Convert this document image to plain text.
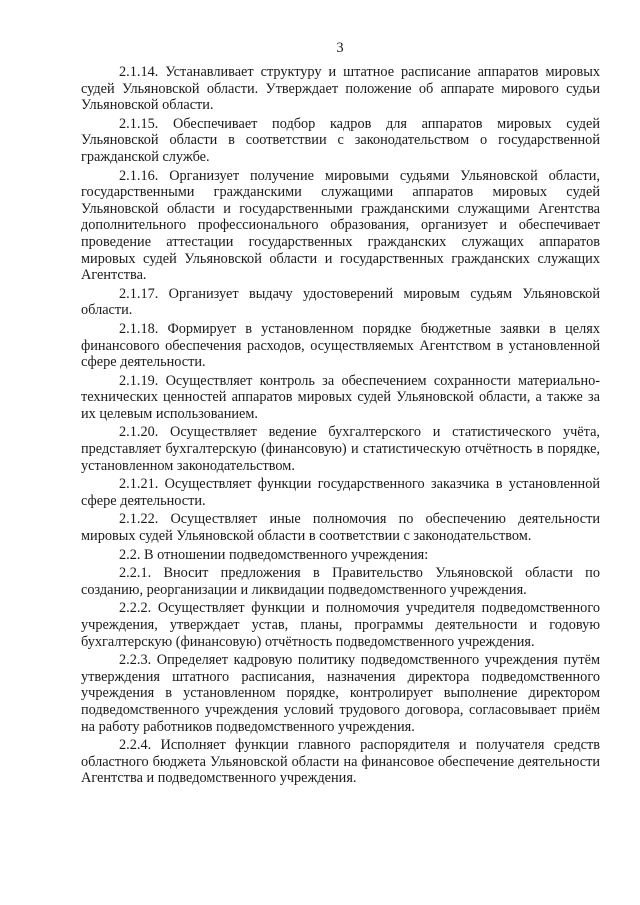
3

2.1.14. Устанавливает структуру и штатное расписание аппаратов мировых судей Ульяновской области. Утверждает положение об аппарате мирового судьи Ульяновской области.

2.1.15. Обеспечивает подбор кадров для аппаратов мировых судей Ульяновской области в соответствии с законодательством о государственной гражданской службе.

2.1.16. Организует получение мировыми судьями Ульяновской области, государственными гражданскими служащими аппаратов мировых судей Ульяновской области и государственными гражданскими служащими Агентства дополнительного профессионального образования, организует и обеспечивает проведение аттестации государственных гражданских служащих аппаратов мировых судей Ульяновской области и государственных гражданских служащих Агентства.

2.1.17. Организует выдачу удостоверений мировым судьям Ульяновской области.

2.1.18. Формирует в установленном порядке бюджетные заявки в целях финансового обеспечения расходов, осуществляемых Агентством в установленной сфере деятельности.

2.1.19. Осуществляет контроль за обеспечением сохранности материально-технических ценностей аппаратов мировых судей Ульяновской области, а также за их целевым использованием.

2.1.20. Осуществляет ведение бухгалтерского и статистического учёта, представляет бухгалтерскую (финансовую) и статистическую отчётность в порядке, установленном законодательством.

2.1.21. Осуществляет функции государственного заказчика в установленной сфере деятельности.

2.1.22. Осуществляет иные полномочия по обеспечению деятельности мировых судей Ульяновской области в соответствии с законодательством.

2.2. В отношении подведомственного учреждения:

2.2.1. Вносит предложения в Правительство Ульяновской области по созданию, реорганизации и ликвидации подведомственного учреждения.

2.2.2. Осуществляет функции и полномочия учредителя подведомственного учреждения, утверждает устав, планы, программы деятельности и годовую бухгалтерскую (финансовую) отчётность подведомственного учреждения.

2.2.3. Определяет кадровую политику подведомственного учреждения путём утверждения штатного расписания, назначения директора подведомственного учреждения в установленном порядке, контролирует выполнение директором подведомственного учреждения условий трудового договора, согласовывает приём на работу работников подведомственного учреждения.

2.2.4. Исполняет функции главного распорядителя и получателя средств областного бюджета Ульяновской области на финансовое обеспечение деятельности Агентства и подведомственного учреждения.
